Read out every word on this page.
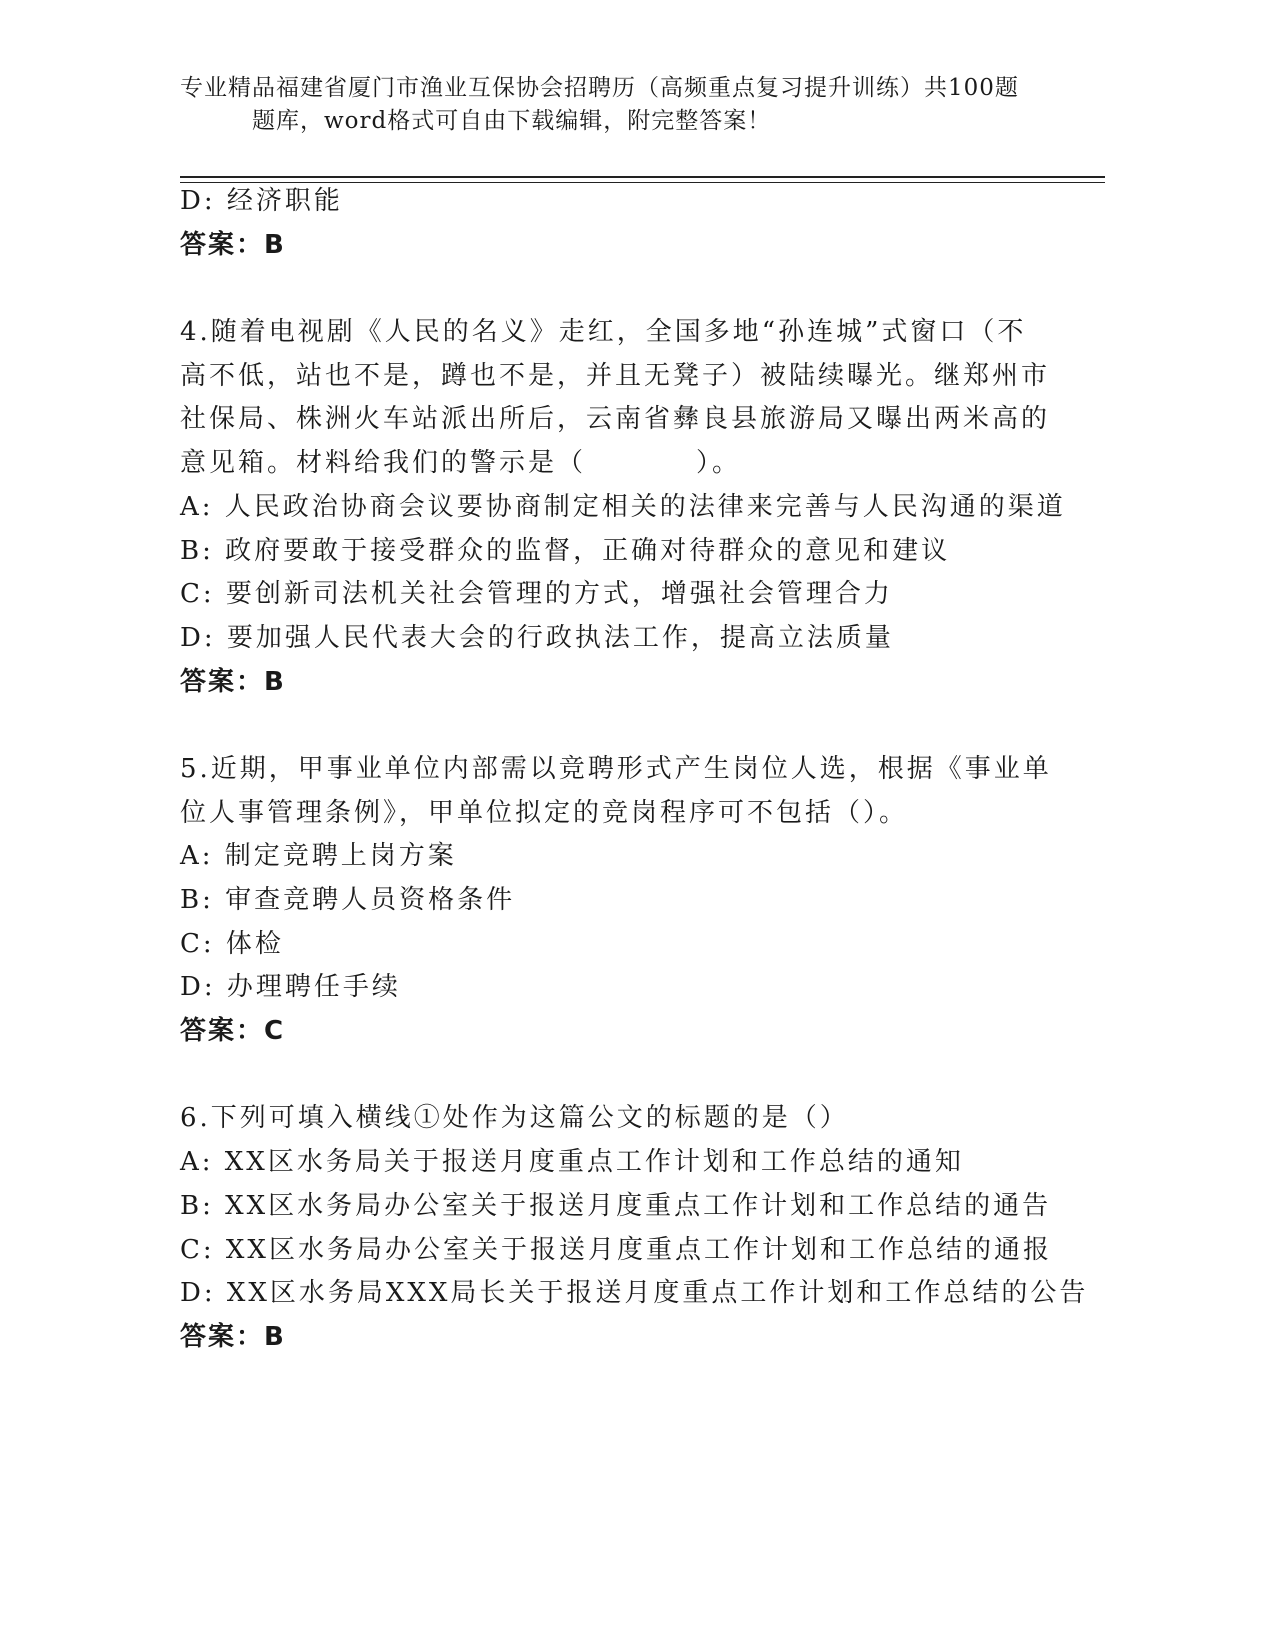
专业精品福建省厦门市渔业互保协会招聘历（高频重点复习提升训练）共100题

题库，word格式可自由下载编辑，附完整答案！
D: 经济职能
答案：B
4.随着电视剧《人民的名义》走红，全国多地“孙连城”式窗口（不
高不低，站也不是，蹲也不是，并且无凳子）被陆续曝光。继郑州市
社保局、株洲火车站派出所后，云南省彝良县旅游局又曝出两米高的
意见箱。材料给我们的警示是（	）。
A: 人民政治协商会议要协商制定相关的法律来完善与人民沟通的渠道
B: 政府要敢于接受群众的监督，正确对待群众的意见和建议
C: 要创新司法机关社会管理的方式，增强社会管理合力
D: 要加强人民代表大会的行政执法工作，提高立法质量
答案：B
5.近期，甲事业单位内部需以竞聘形式产生岗位人选，根据《事业单
位人事管理条例》，甲单位拟定的竞岗程序可不包括（）。
A: 制定竞聘上岗方案
B: 审查竞聘人员资格条件
C: 体检
D: 办理聘任手续
答案：C
6.下列可填入横线①处作为这篇公文的标题的是（）
A: XX区水务局关于报送月度重点工作计划和工作总结的通知
B: XX区水务局办公室关于报送月度重点工作计划和工作总结的通告
C: XX区水务局办公室关于报送月度重点工作计划和工作总结的通报
D: XX区水务局XXX局长关于报送月度重点工作计划和工作总结的公告
答案：B
